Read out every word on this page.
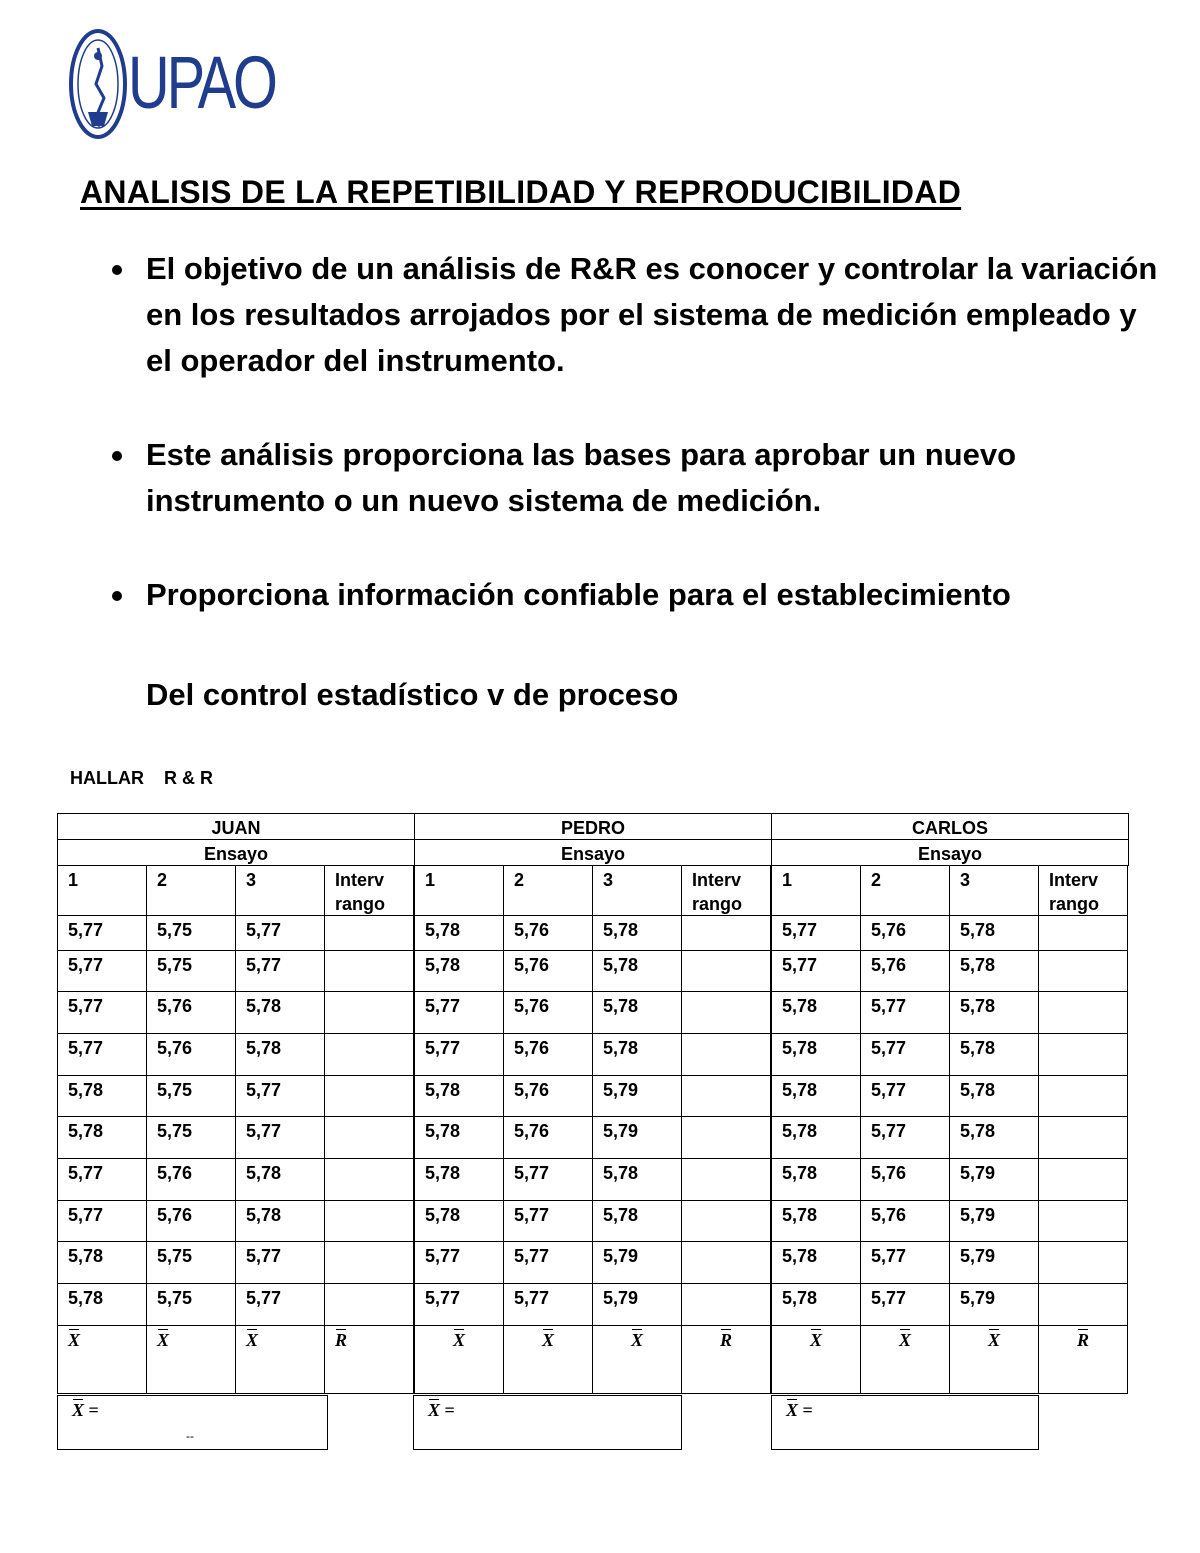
UPAO
ANALISIS DE LA REPETIBILIDAD Y REPRODUCIBILIDAD
El objetivo de un análisis de R&R es conocer y controlar la variación en los resultados arrojados por el sistema de medición empleado y el operador del instrumento.
Este análisis proporciona las bases para aprobar un nuevo instrumento o un nuevo sistema de medición.
Proporciona información confiable para el establecimiento
Del control estadístico v de proceso
HALLAR    R & R
JUAN
Ensayo
1	2	3	Interv rango
5,77	5,75	5,77
5,77	5,75	5,77
5,77	5,76	5,78
5,77	5,76	5,78
5,78	5,75	5,77
5,78	5,75	5,77
5,77	5,76	5,78
5,77	5,76	5,78
5,78	5,75	5,77
5,78	5,75	5,77
X	X	X	R
PEDRO
Ensayo
1	2	3	Interv rango
5,78	5,76	5,78
5,78	5,76	5,78
5,77	5,76	5,78
5,77	5,76	5,78
5,78	5,76	5,79
5,78	5,76	5,79
5,78	5,77	5,78
5,78	5,77	5,78
5,77	5,77	5,79
5,77	5,77	5,79
X	X	X	R
CARLOS
Ensayo
1	2	3	Interv rango
5,77	5,76	5,78
5,77	5,76	5,78
5,78	5,77	5,78
5,78	5,77	5,78
5,78	5,77	5,78
5,78	5,77	5,78
5,78	5,76	5,79
5,78	5,76	5,79
5,78	5,77	5,79
5,78	5,77	5,79
X	X	X	R
X =
--
X =	X =
